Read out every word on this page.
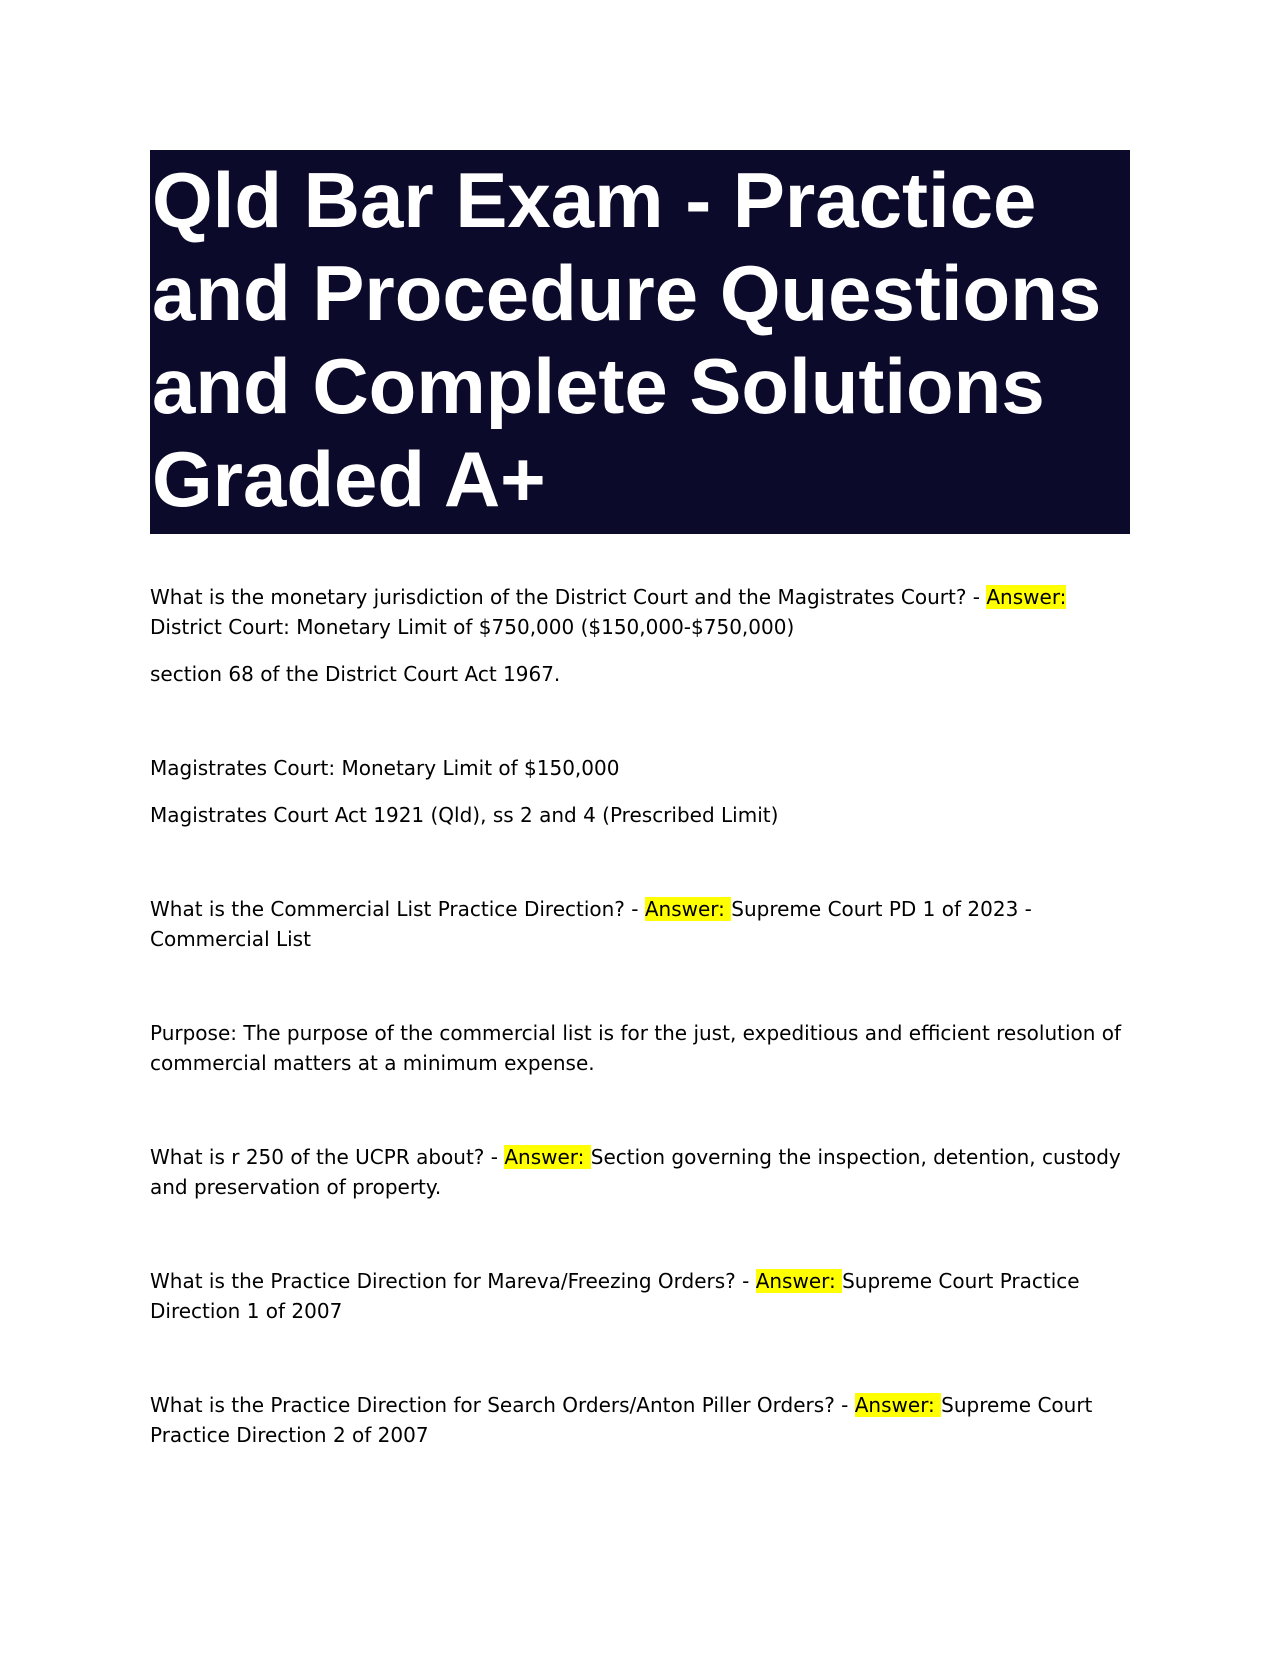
Qld Bar Exam - Practice and Procedure Questions and Complete Solutions Graded A+

What is the monetary jurisdiction of the District Court and the Magistrates Court? - Answer: District Court: Monetary Limit of $750,000 ($150,000-$750,000)

section 68 of the District Court Act 1967.

Magistrates Court: Monetary Limit of $150,000

Magistrates Court Act 1921 (Qld), ss 2 and 4 (Prescribed Limit)

What is the Commercial List Practice Direction? - Answer: Supreme Court PD 1 of 2023 - Commercial List

Purpose: The purpose of the commercial list is for the just, expeditious and efficient resolution of commercial matters at a minimum expense.

What is r 250 of the UCPR about? - Answer: Section governing the inspection, detention, custody and preservation of property.

What is the Practice Direction for Mareva/Freezing Orders? - Answer: Supreme Court Practice Direction 1 of 2007

What is the Practice Direction for Search Orders/Anton Piller Orders? - Answer: Supreme Court Practice Direction 2 of 2007
